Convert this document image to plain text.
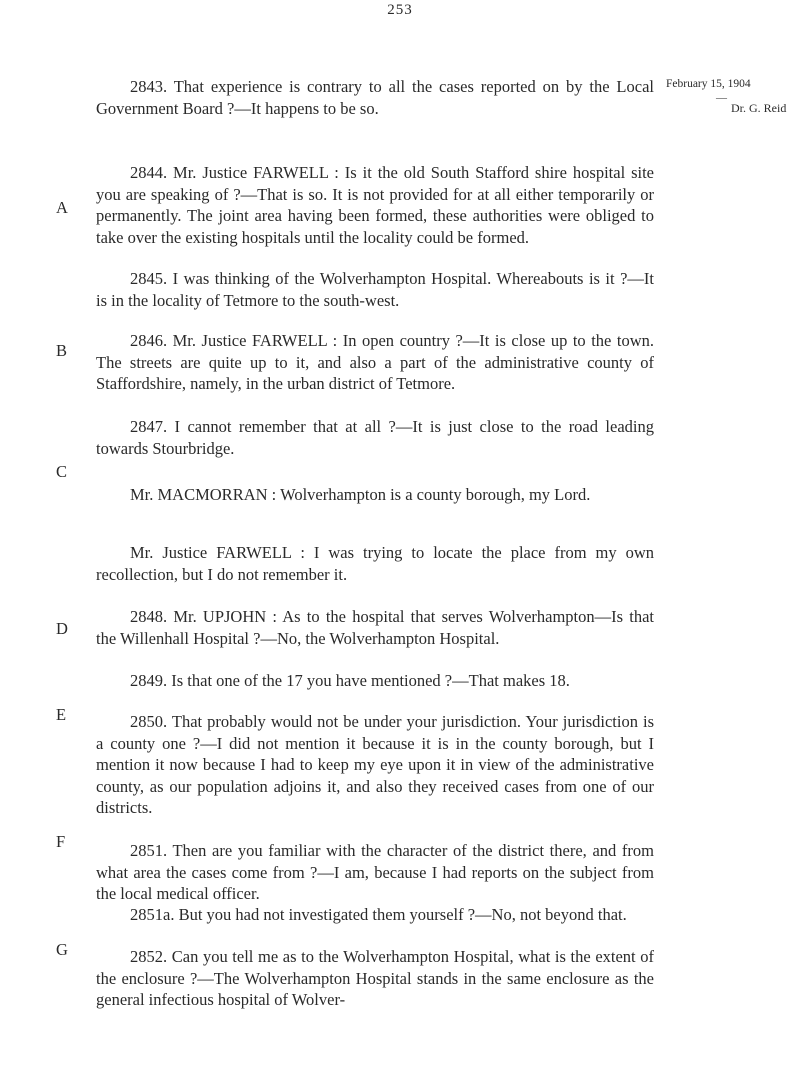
253
February 15, 1904
—
Dr. G. Reid
A
B
C
D
E
F
G

2843. That experience is contrary to all the cases reported on by the Local Government Board ?—It happens to be so.

2844. Mr. Justice FARWELL : Is it the old South Stafford shire hospital site you are speaking of ?—That is so. It is not provided for at all either temporarily or permanently. The joint area having been formed, these authorities were obliged to take over the existing hospitals until the locality could be formed.

2845. I was thinking of the Wolverhampton Hospital. Whereabouts is it ?—It is in the locality of Tetmore to the south-west.

2846. Mr. Justice FARWELL : In open country ?—It is close up to the town. The streets are quite up to it, and also a part of the administrative county of Staffordshire, namely, in the urban district of Tetmore.

2847. I cannot remember that at all ?—It is just close to the road leading towards Stourbridge.

Mr. MACMORRAN : Wolverhampton is a county borough, my Lord.

Mr. Justice FARWELL : I was trying to locate the place from my own recollection, but I do not remember it.

2848. Mr. UPJOHN : As to the hospital that serves Wolverhampton—Is that the Willenhall Hospital ?—No, the Wolverhampton Hospital.

2849. Is that one of the 17 you have mentioned ?—That makes 18.

2850. That probably would not be under your jurisdiction. Your jurisdiction is a county one ?—I did not mention it because it is in the county borough, but I mention it now because I had to keep my eye upon it in view of the administrative county, as our population adjoins it, and also they received cases from one of our districts.

2851. Then are you familiar with the character of the district there, and from what area the cases come from ?—I am, because I had reports on the subject from the local medical officer.

2851a. But you had not investigated them yourself ?—No, not beyond that.

2852. Can you tell me as to the Wolverhampton Hospital, what is the extent of the enclosure ?—The Wolverhampton Hospital stands in the same enclosure as the general infectious hospital of Wolver-
